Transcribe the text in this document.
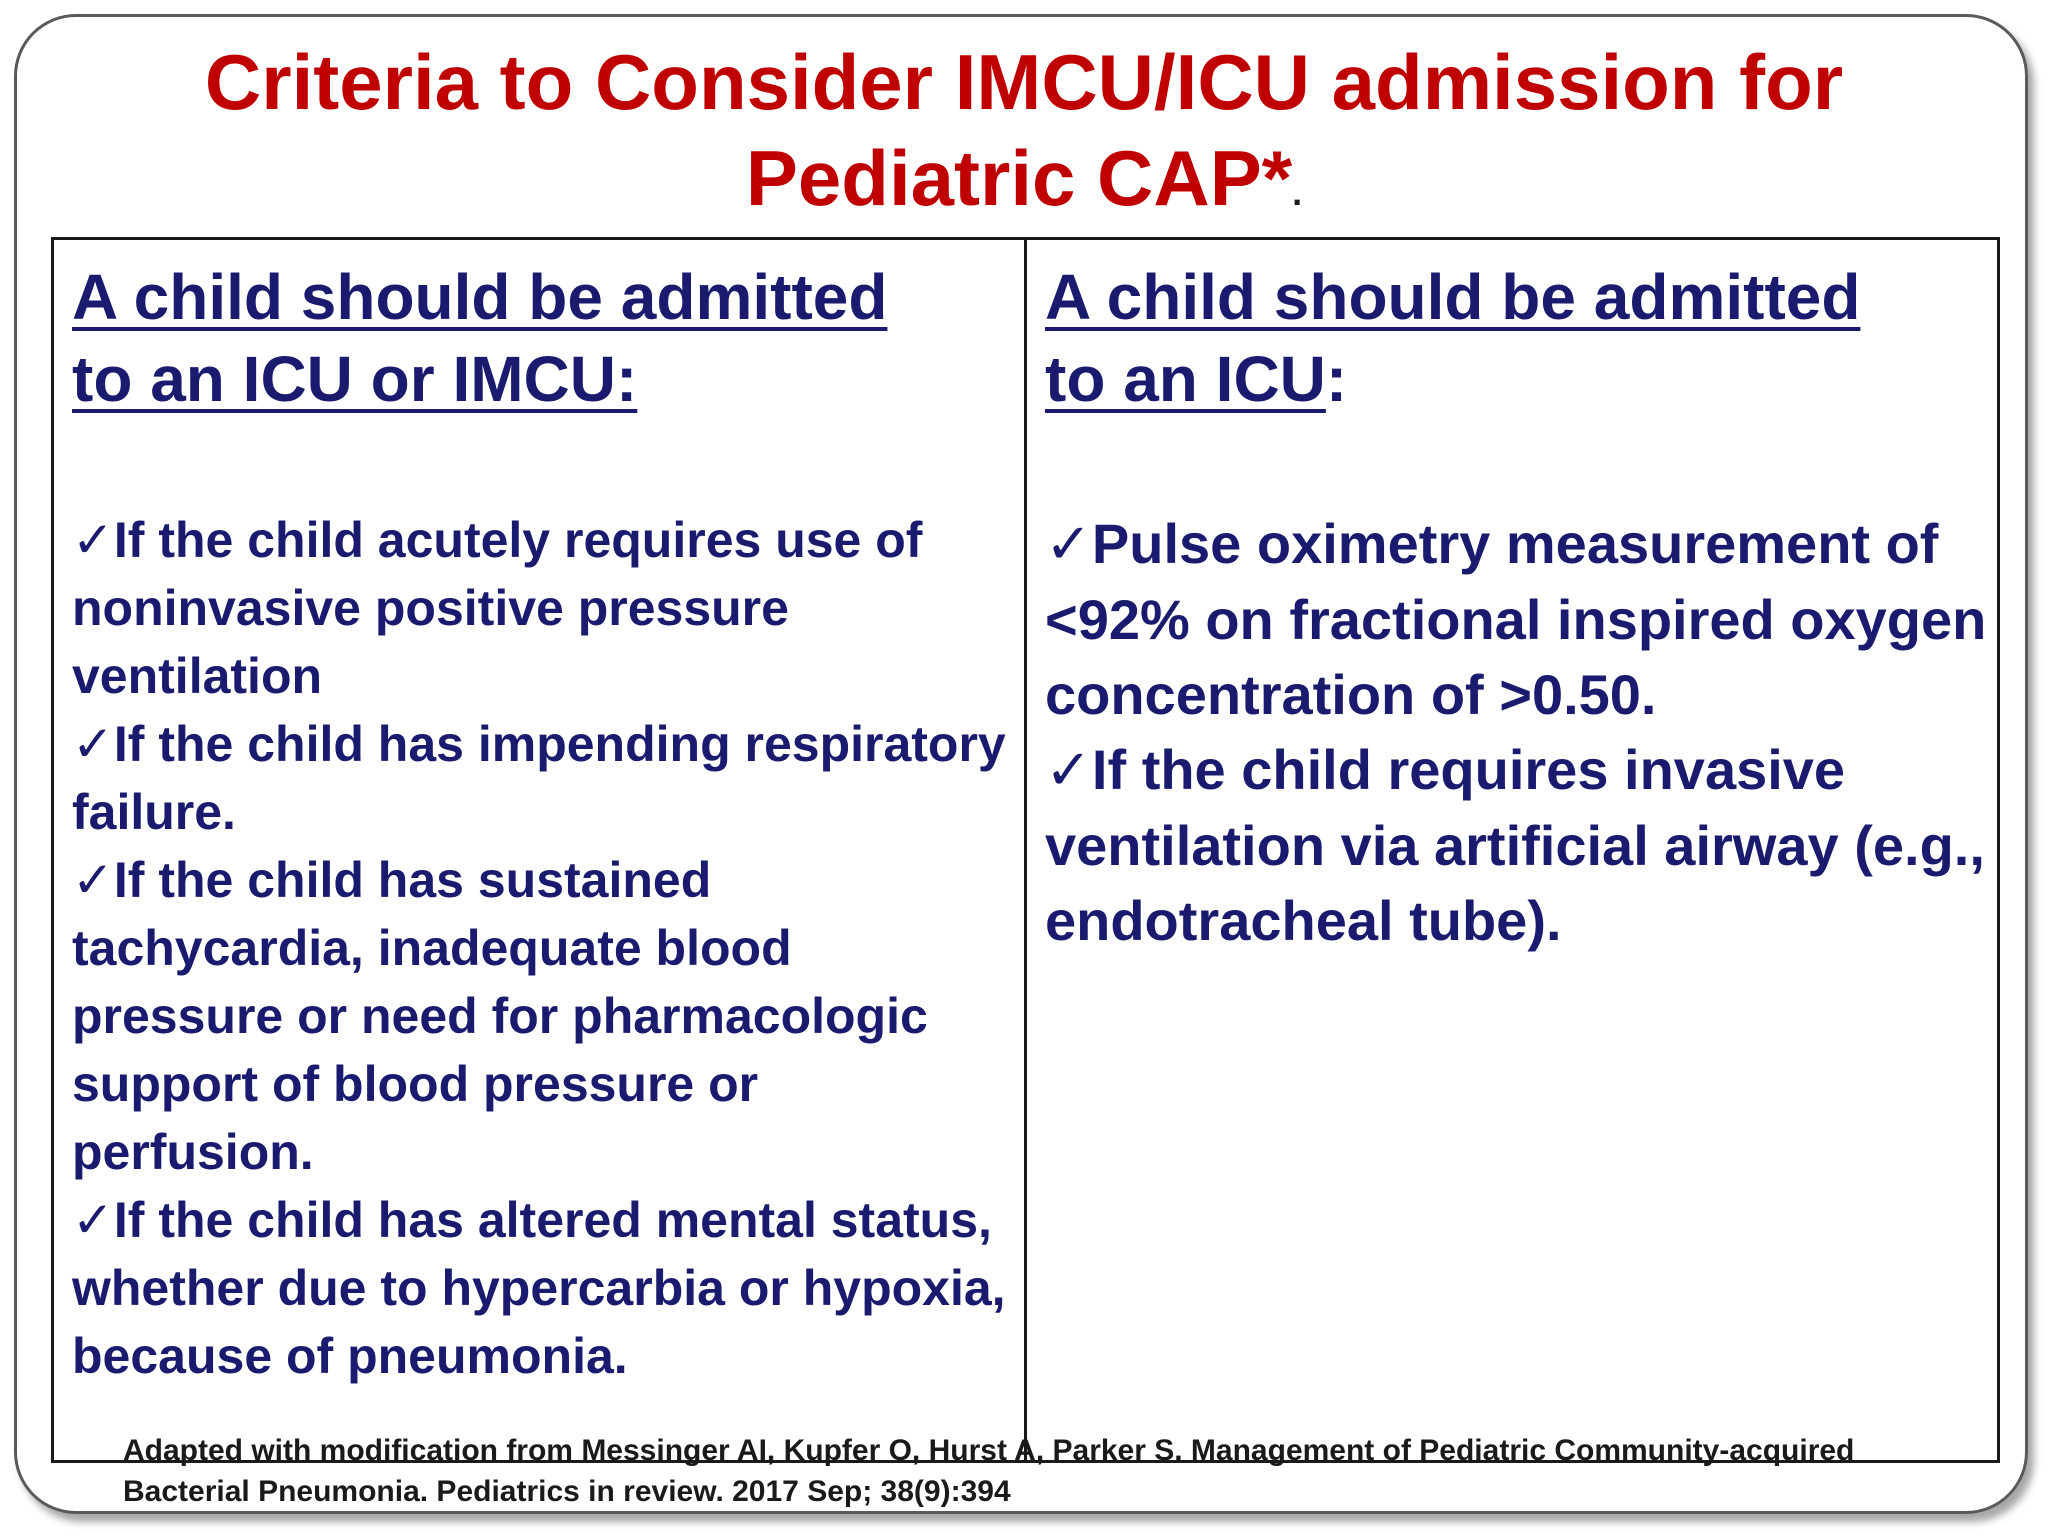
Criteria to Consider IMCU/ICU admission for
Pediatric CAP*.

A child should be admitted
to an ICU or IMCU:

✓If the child acutely requires use of noninvasive positive pressure ventilation

✓If the child has impending respiratory failure.

✓If the child has sustained tachycardia, inadequate blood pressure or need for pharmacologic support of blood pressure or perfusion.

✓If the child has altered mental status, whether due to hypercarbia or hypoxia, because of pneumonia.

A child should be admitted
to an ICU:

✓Pulse oximetry measurement of <92% on fractional inspired oxygen concentration of >0.50.

✓If the child requires invasive ventilation via artificial airway (e.g., endotracheal tube).

Adapted with modification from Messinger AI, Kupfer O, Hurst A, Parker S. Management of Pediatric Community-acquired Bacterial Pneumonia. Pediatrics in review. 2017 Sep; 38(9):394
